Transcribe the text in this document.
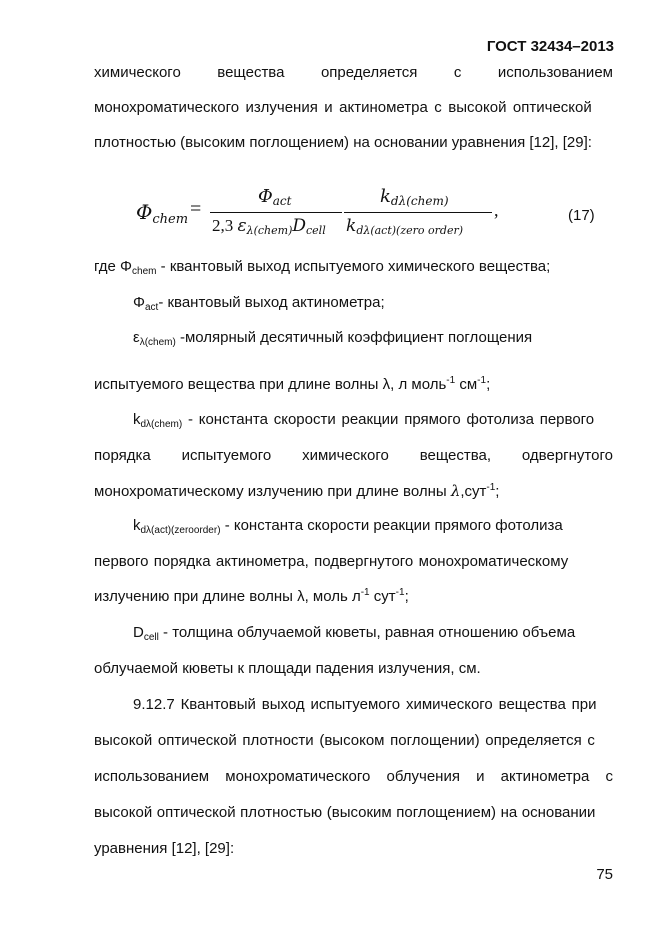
ГОСТ 32434–2013
химического вещества определяется с использованием
монохроматического излучения и актинометра с высокой оптической
плотностью (высоким поглощением) на основании уравнения [12], [29]:
$\Phi_{chem}$ =
$\Phi_{act}$
2,3 $\varepsilon_{\lambda(chem)}D_{cell}$
$k_{d\lambda(chem)}$
$k_{d\lambda(act)(zero order)}$
,	(17)
где $\Phi_{chem}$ - квантовый выход испытуемого химического вещества;
$\Phi_{act}-$ квантовый выход актинометра;
$\varepsilon_{\lambda(chem)}$ -молярный десятичный коэффициент поглощения
испытуемого вещества при длине волны λ, л моль$^{-1}$ $см^{-1}$;
$k_{d\lambda(chem)}$ - константа скорости реакции прямого фотолиза первого
порядка испытуемого химического вещества, одвергнутого
монохроматическому излучению при длине волны λ,сут$^{-1}$;
$k_{d\lambda(act)(zeroorder)}$ - константа скорости реакции прямого фотолиза
первого порядка актинометра, подвергнутого монохроматическому
излучению при длине волны λ, моль $л^{-1}$ сут$^{-1}$;
$D_{cell}$ - толщина облучаемой кюветы, равная отношению объема
облучаемой кюветы к площади падения излучения, см.
9.12.7 Квантовый выход испытуемого химического вещества при
высокой оптической плотности (высоком поглощении) определяется с
использованием монохроматического облучения и актинометра с
высокой оптической плотностью (высоким поглощением) на основании
уравнения [12], [29]:
75
